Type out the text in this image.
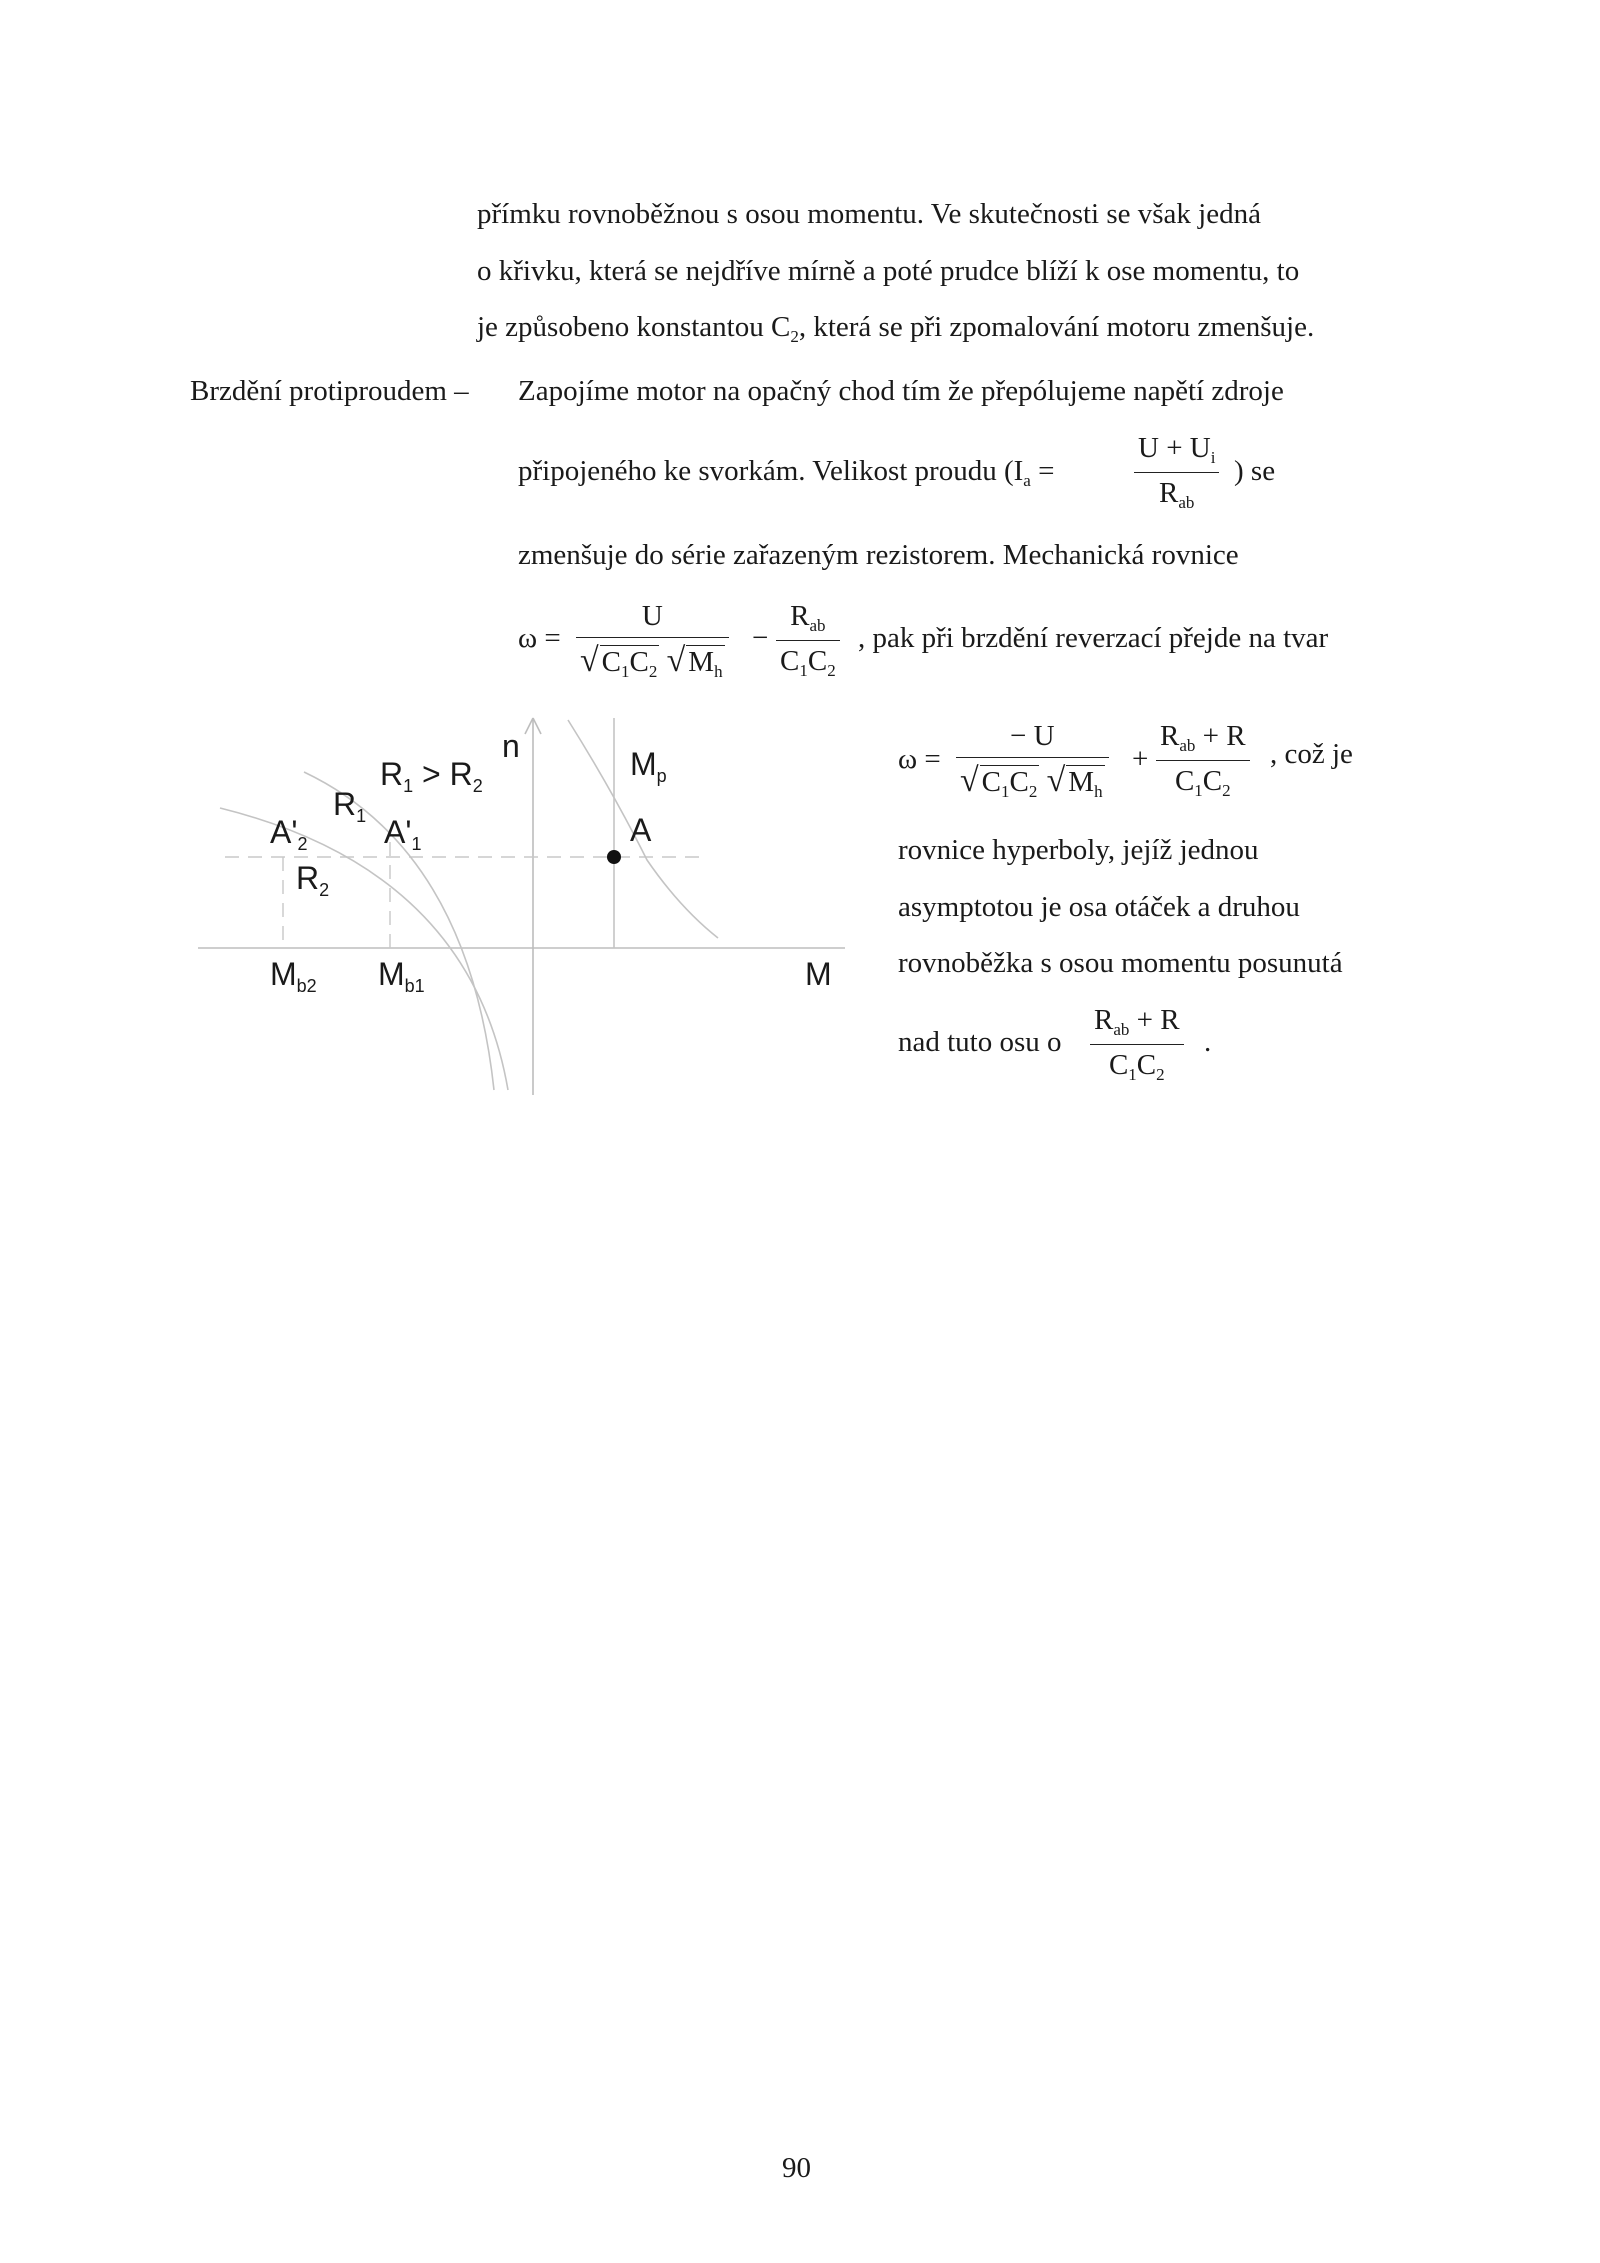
přímku rovnoběžnou s osou momentu. Ve skutečnosti se však jedná
o křivku, která se nejdříve mírně a poté prudce blíží k ose momentu, to
je způsobeno konstantou $C_2$, která se při zpomalování motoru zmenšuje.
Brzdění protiproudem – Zapojíme motor na opačný chod tím že přepólujeme napětí zdroje
připojeného ke svorkám. Velikost proudu ($I_a$ =
$U + U_i$
$R_{ab}$
) se
zmenšuje do série zařazeným rezistorem. Mechanická rovnice
$\omega = \frac{U}{√ C_1C_2 √ M_h}$ −
$R_{ab}$
$C_1C_2$
, pak při brzdění reverzací přejde na tvar
$\omega = \frac{- U}{√ C_1C_2 √ M_h}$ +
$R_{ab} + R$
$C_1C_2$
, což je
rovnice hyperboly, jejíž jednou
asymptotou je osa otáček a druhou
rovnoběžka s osou momentu posunutá
nad tuto osu o
$R_{ab} + R$
$C_1C_2$
.
n
M
$R_1 > R_2$
$R_1$
$R_2$
$A'_2$ $A'_1$
$M_p$
A
$M_{b2}$ $M_{b1}$
90
